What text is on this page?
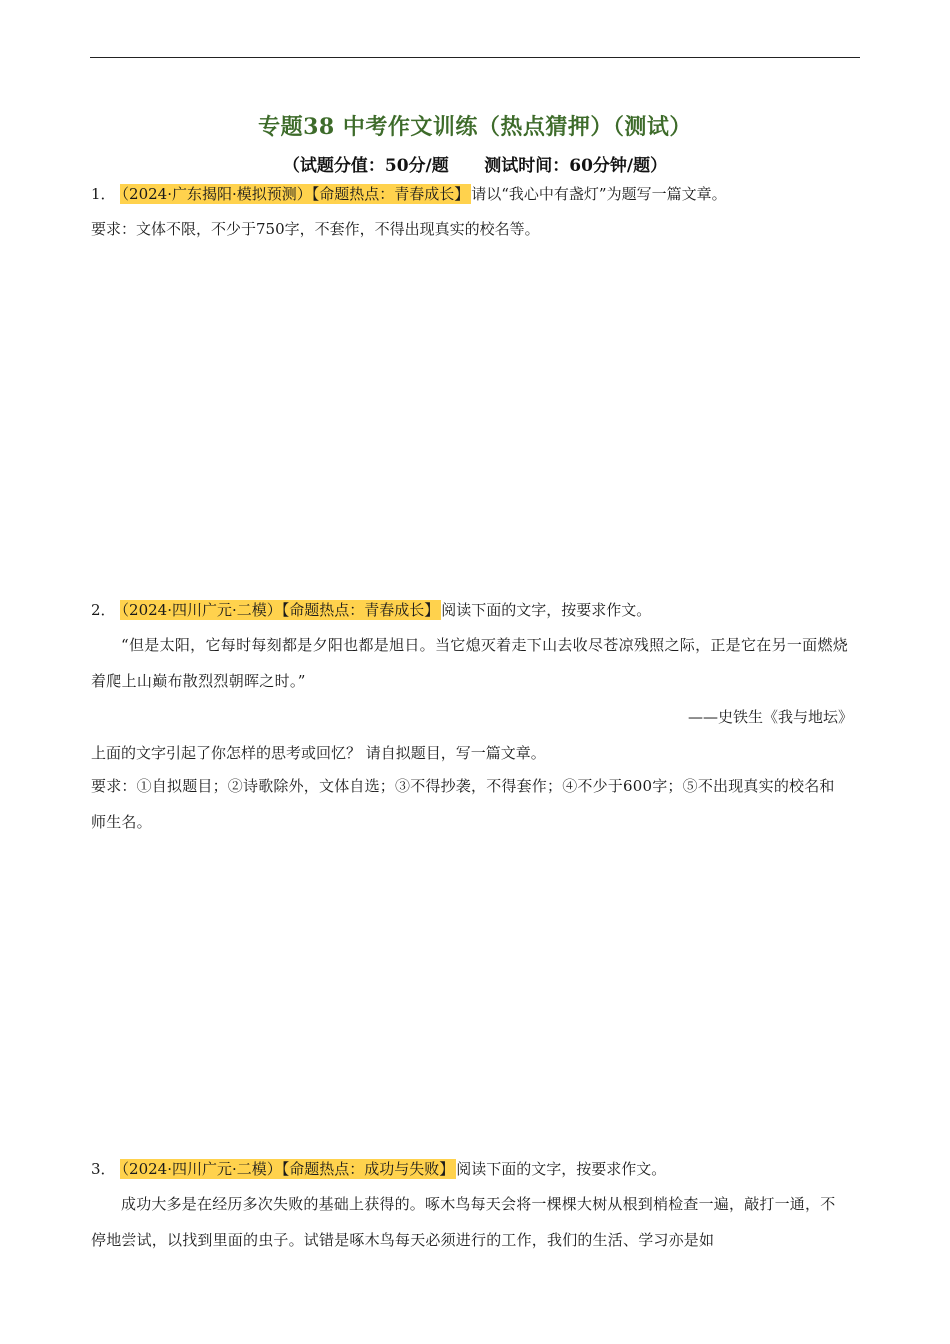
专题38 中考作文训练（热点猜押）（测试）
（试题分值：50分/题      测试时间：60分钟/题）
1． （2024·广东揭阳·模拟预测）【命题热点：青春成长】 请以“我心中有盏灯”为题写一篇文章。
要求：文体不限，不少于750字，不套作，不得出现真实的校名等。
2． （2024·四川广元·二模）【命题热点：青春成长】 阅读下面的文字，按要求作文。
“但是太阳，它每时每刻都是夕阳也都是旭日。当它熄灭着走下山去收尽苍凉残照之际，正是它在另一面燃烧着爬上山巅布散烈烈朝晖之时。”
——史铁生《我与地坛》
上面的文字引起了你怎样的思考或回忆？ 请自拟题目，写一篇文章。
要求：①自拟题目；②诗歌除外，文体自选；③不得抄袭，不得套作；④不少于600字；⑤不出现真实的校名和师生名。
3． （2024·四川广元·二模）【命题热点：成功与失败】 阅读下面的文字，按要求作文。
成功大多是在经历多次失败的基础上获得的。啄木鸟每天会将一棵棵大树从根到梢检查一遍，敲打一通，不停地尝试，以找到里面的虫子。试错是啄木鸟每天必须进行的工作，我们的生活、学习亦是如
